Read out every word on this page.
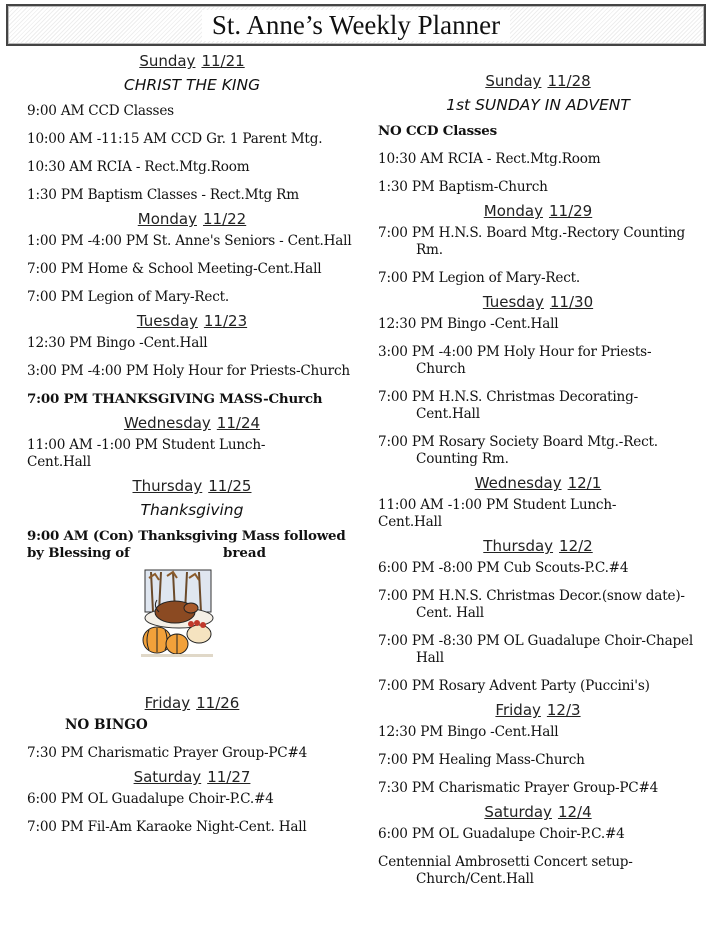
St. Anne’s Weekly Planner
Sunday 11/21
CHRIST THE KING
9:00 AM CCD Classes
10:00 AM -11:15 AM CCD Gr. 1 Parent Mtg.
10:30 AM RCIA - Rect.Mtg.Room
1:30 PM Baptism Classes - Rect.Mtg Rm
Monday 11/22
1:00 PM -4:00 PM St. Anne's Seniors - Cent.Hall
7:00 PM Home & School Meeting-Cent.Hall
7:00 PM Legion of Mary-Rect.
Tuesday 11/23
12:30 PM Bingo -Cent.Hall
3:00 PM -4:00 PM Holy Hour for Priests-Church
7:00 PM THANKSGIVING MASS-Church
Wednesday 11/24
11:00 AM -1:00 PM Student Lunch-Cent.Hall
Thursday 11/25
Thanksgiving
9:00 AM (Con) Thanksgiving Mass followed by Blessing of	bread
Friday 11/26
NO BINGO
7:30 PM Charismatic Prayer Group-PC#4
Saturday 11/27
6:00 PM OL Guadalupe Choir-P.C.#4
7:00 PM Fil-Am Karaoke Night-Cent. Hall
Sunday 11/28
1st SUNDAY IN ADVENT
NO CCD Classes
10:30 AM RCIA - Rect.Mtg.Room
1:30 PM Baptism-Church
Monday 11/29
7:00 PM H.N.S. Board Mtg.-Rectory Counting Rm.
7:00 PM Legion of Mary-Rect.
Tuesday 11/30
12:30 PM Bingo -Cent.Hall
3:00 PM -4:00 PM Holy Hour for Priests-Church
7:00 PM H.N.S. Christmas Decorating-Cent.Hall
7:00 PM Rosary Society Board Mtg.-Rect. Counting Rm.
Wednesday 12/1
11:00 AM -1:00 PM Student Lunch-Cent.Hall
Thursday 12/2
6:00 PM -8:00 PM Cub Scouts-P.C.#4
7:00 PM H.N.S. Christmas Decor.(snow date)-Cent. Hall
7:00 PM -8:30 PM OL Guadalupe Choir-Chapel Hall
7:00 PM Rosary Advent Party (Puccini's)
Friday 12/3
12:30 PM Bingo -Cent.Hall
7:00 PM Healing Mass-Church
7:30 PM Charismatic Prayer Group-PC#4
Saturday 12/4
6:00 PM OL Guadalupe Choir-P.C.#4
Centennial Ambrosetti Concert setup-Church/Cent.Hall
